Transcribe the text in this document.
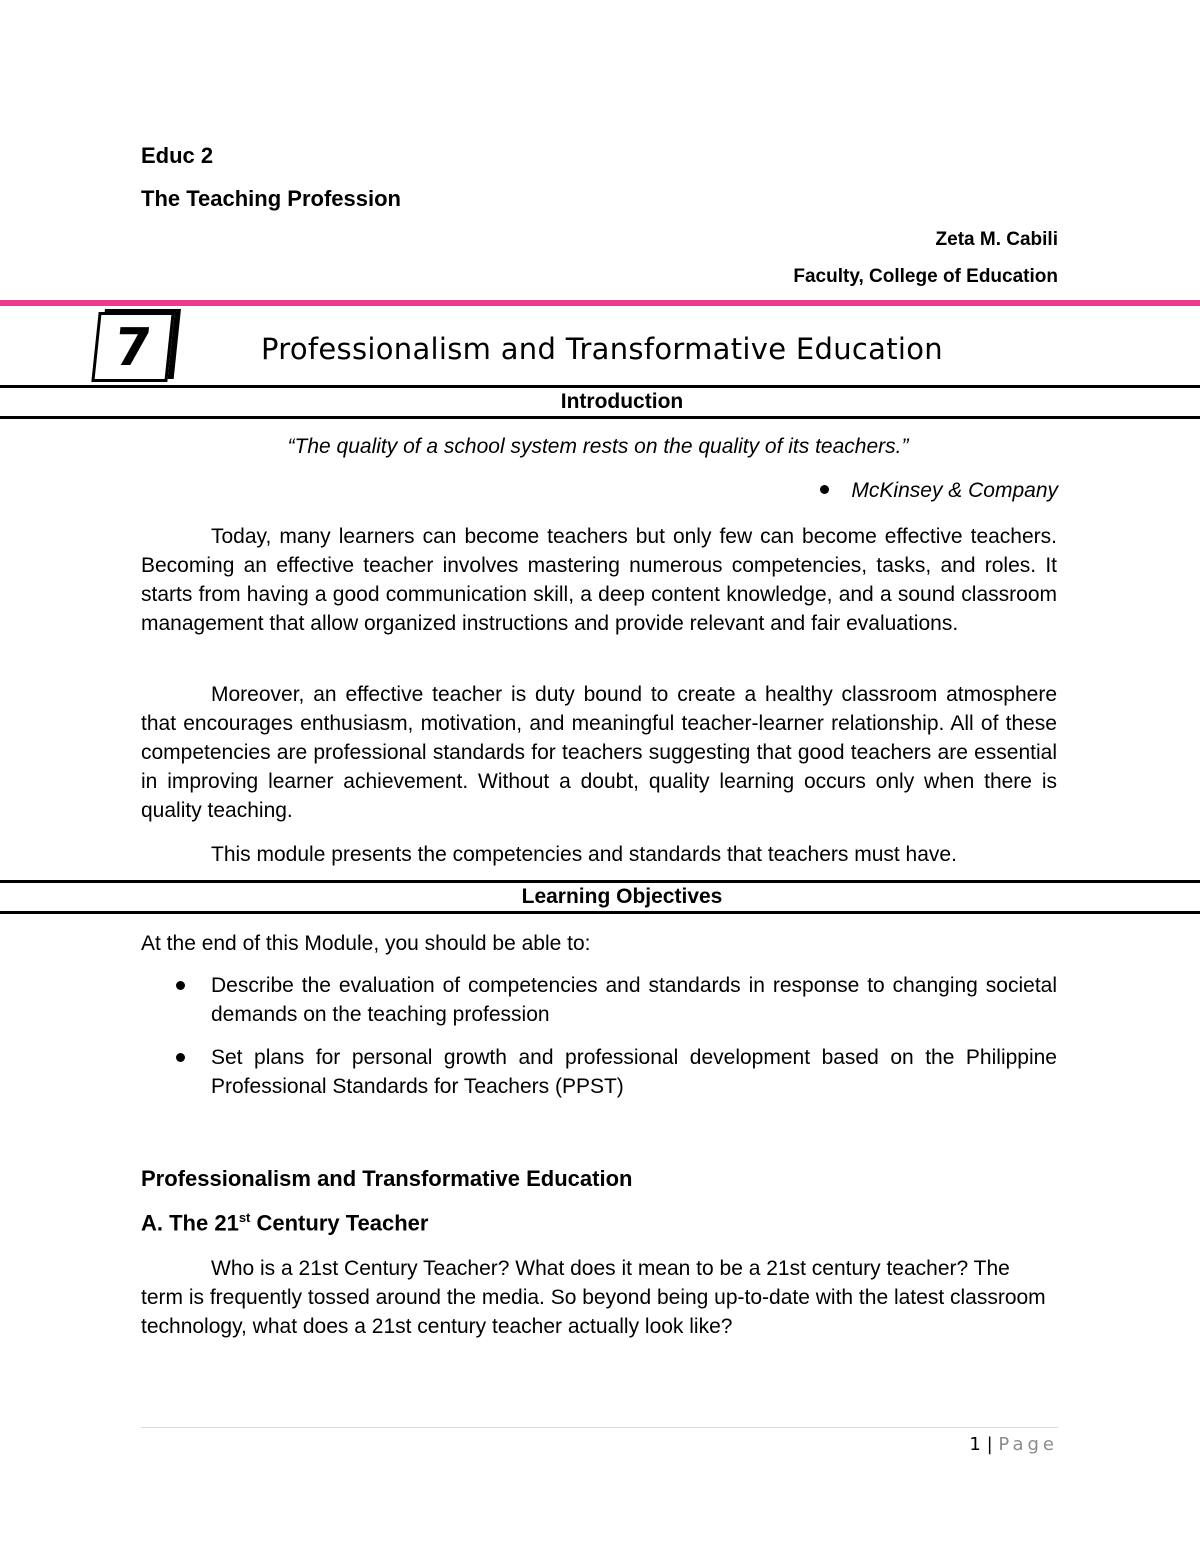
Educ 2
The Teaching Profession
Zeta M. Cabili
Faculty, College of Education
7	Professionalism and Transformative Education
Introduction
“The quality of a school system rests on the quality of its teachers.”
McKinsey & Company

Today, many learners can become teachers but only few can become effective teachers. Becoming an effective teacher involves mastering numerous competencies, tasks, and roles. It starts from having a good communication skill, a deep content knowledge, and a sound classroom management that allow organized instructions and provide relevant and fair evaluations.

Moreover, an effective teacher is duty bound to create a healthy classroom atmosphere that encourages enthusiasm, motivation, and meaningful teacher-learner relationship. All of these competencies are professional standards for teachers suggesting that good teachers are essential in improving learner achievement. Without a doubt, quality learning occurs only when there is quality teaching.

This module presents the competencies and standards that teachers must have.

Learning Objectives

At the end of this Module, you should be able to:

Describe the evaluation of competencies and standards in response to changing societal demands on the teaching profession
Set plans for personal growth and professional development based on the Philippine Professional Standards for Teachers (PPST)
Professionalism and Transformative Education
A. The 21st Century Teacher

Who is a 21st Century Teacher? What does it mean to be a 21st century teacher? The term is frequently tossed around the media. So beyond being up-to-date with the latest classroom technology, what does a 21st century teacher actually look like?

1 | Page
